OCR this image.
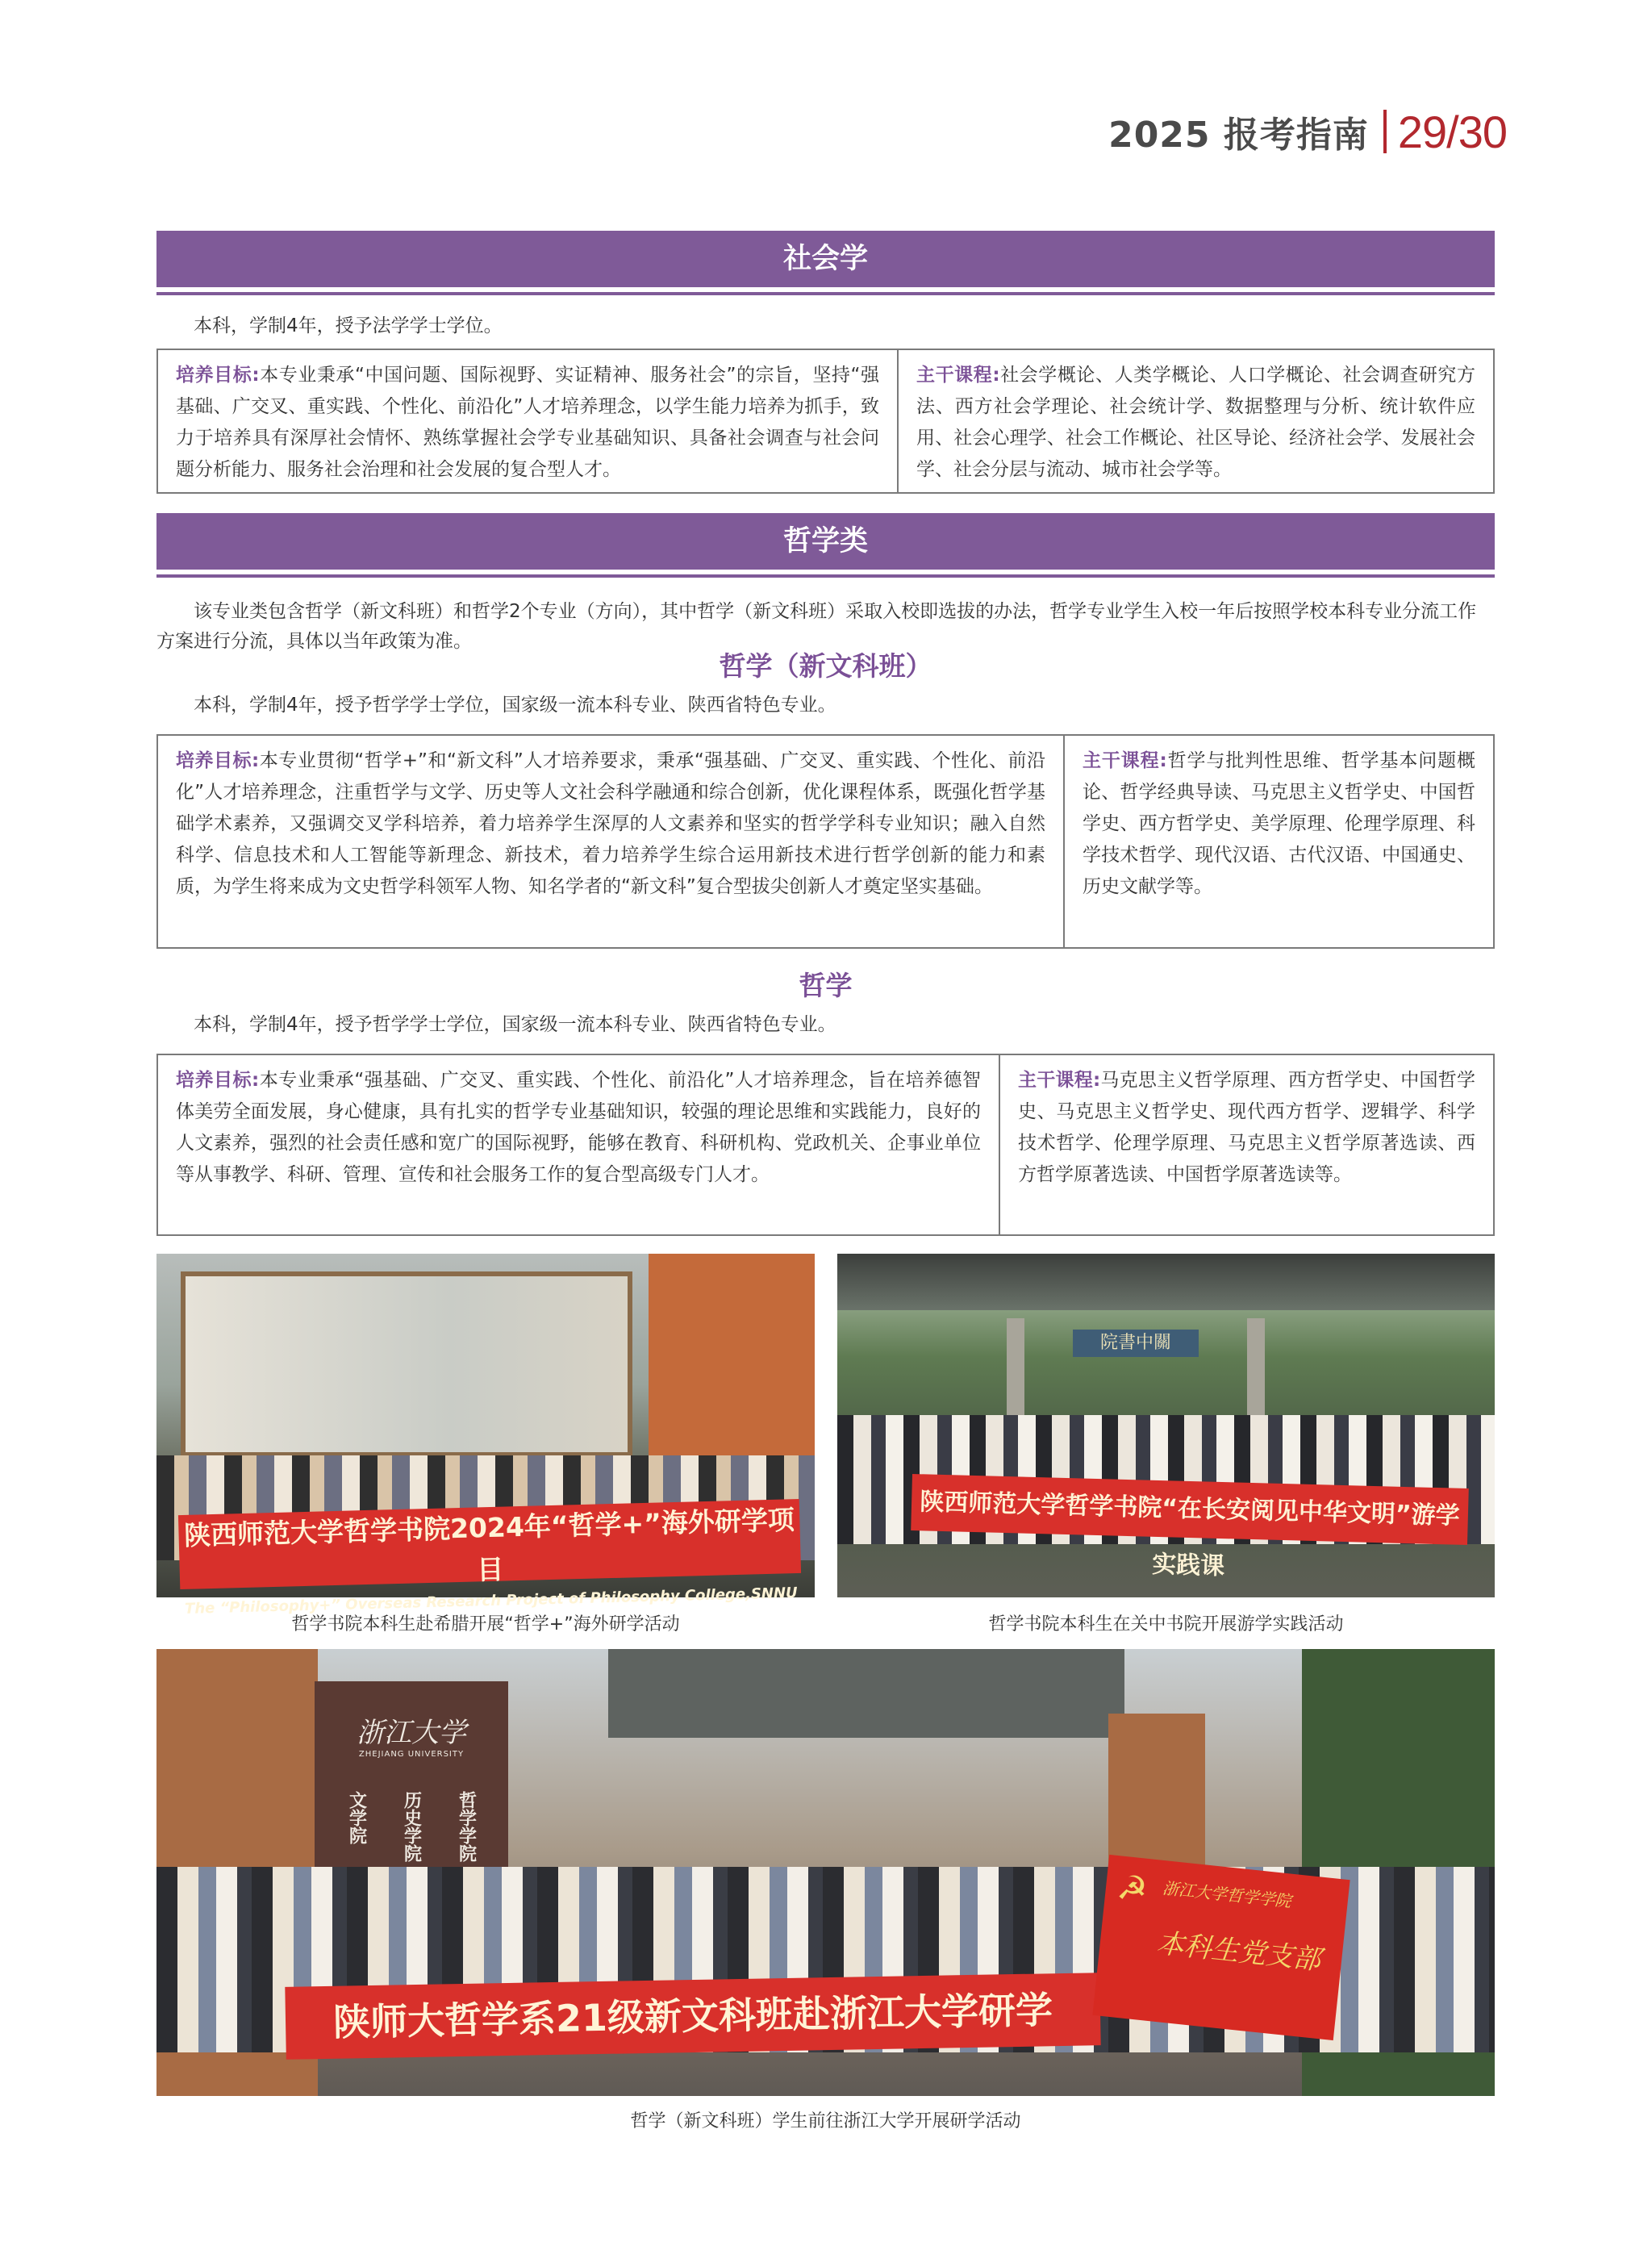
2025 报考指南 29/30
社会学
本科，学制4年，授予法学学士学位。
培养目标:本专业秉承“中国问题、国际视野、实证精神、服务社会”的宗旨，坚持“强基础、广交叉、重实践、个性化、前沿化”人才培养理念，以学生能力培养为抓手，致力于培养具有深厚社会情怀、熟练掌握社会学专业基础知识、具备社会调查与社会问题分析能力、服务社会治理和社会发展的复合型人才。
主干课程:社会学概论、人类学概论、人口学概论、社会调查研究方法、西方社会学理论、社会统计学、数据整理与分析、统计软件应用、社会心理学、社会工作概论、社区导论、经济社会学、发展社会学、社会分层与流动、城市社会学等。
哲学类
该专业类包含哲学（新文科班）和哲学2个专业（方向），其中哲学（新文科班）采取入校即选拔的办法，哲学专业学生入校一年后按照学校本科专业分流工作方案进行分流，具体以当年政策为准。
哲学（新文科班）
本科，学制4年，授予哲学学士学位，国家级一流本科专业、陕西省特色专业。
培养目标:本专业贯彻“哲学+”和“新文科”人才培养要求，秉承“强基础、广交叉、重实践、个性化、前沿化”人才培养理念，注重哲学与文学、历史等人文社会科学融通和综合创新，优化课程体系，既强化哲学基础学术素养，又强调交叉学科培养，着力培养学生深厚的人文素养和坚实的哲学学科专业知识；融入自然科学、信息技术和人工智能等新理念、新技术，着力培养学生综合运用新技术进行哲学创新的能力和素质，为学生将来成为文史哲学科领军人物、知名学者的“新文科”复合型拔尖创新人才奠定坚实基础。
主干课程:哲学与批判性思维、哲学基本问题概论、哲学经典导读、马克思主义哲学史、中国哲学史、西方哲学史、美学原理、伦理学原理、科学技术哲学、现代汉语、古代汉语、中国通史、历史文献学等。
哲学
本科，学制4年，授予哲学学士学位，国家级一流本科专业、陕西省特色专业。
培养目标:本专业秉承“强基础、广交叉、重实践、个性化、前沿化”人才培养理念，旨在培养德智体美劳全面发展，身心健康，具有扎实的哲学专业基础知识，较强的理论思维和实践能力，良好的人文素养，强烈的社会责任感和宽广的国际视野，能够在教育、科研机构、党政机关、企事业单位等从事教学、科研、管理、宣传和社会服务工作的复合型高级专门人才。
主干课程:马克思主义哲学原理、西方哲学史、中国哲学史、马克思主义哲学史、现代西方哲学、逻辑学、科学技术哲学、伦理学原理、马克思主义哲学原著选读、西方哲学原著选读、中国哲学原著选读等。
陕西师范大学哲学书院2024年“哲学+”海外研学项目
The “Philosophy+” Overseas Research Project of Philosophy College,SNNU
哲学书院本科生赴希腊开展“哲学+”海外研学活动
院書中關
陕西师范大学哲学书院“在长安阅见中华文明”游学实践课
哲学书院本科生在关中书院开展游学实践活动
浙江大学
ZHEJIANG UNIVERSITY
文学院 历史学院 哲学学院
陕师大哲学系21级新文科班赴浙江大学研学
☭ 浙江大学哲学学院
本科生党支部
哲学（新文科班）学生前往浙江大学开展研学活动
